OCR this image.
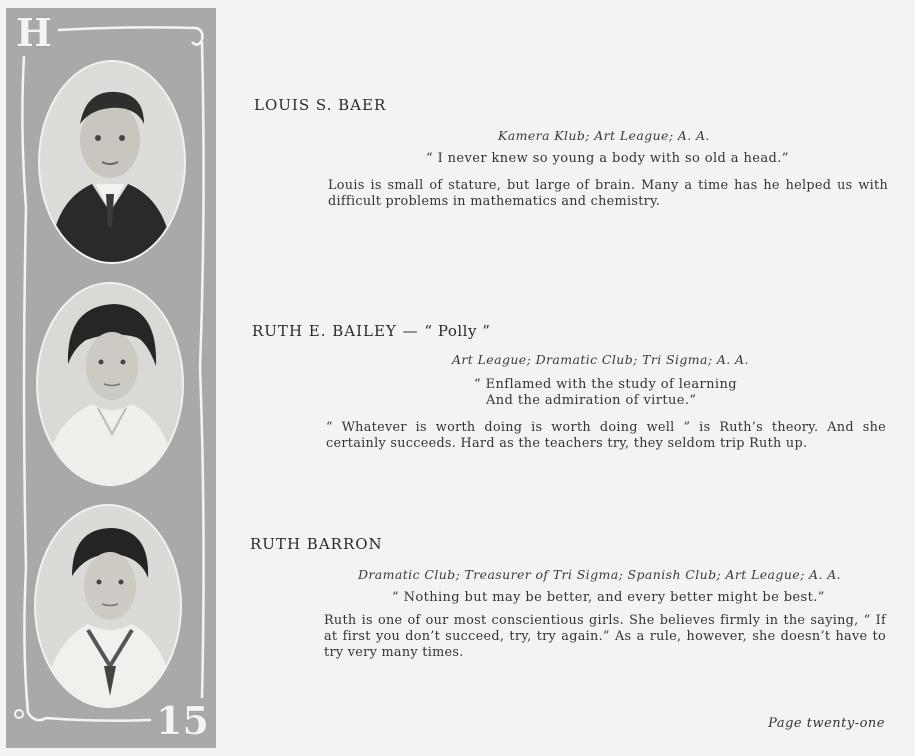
H
15
LOUIS S. BAER
Kamera Klub; Art League; A. A.
“ I never knew so young a body with so old a head.”
Louis is small of stature, but large of brain. Many a time has he helped us with difficult problems in mathematics and chemistry.
RUTH E. BAILEY — “ Polly ”
Art League; Dramatic Club; Tri Sigma; A. A.
“ Enflamed with the study of learning
And the admiration of virtue.”
“ Whatever is worth doing is worth doing well ” is Ruth’s theory. And she certainly succeeds. Hard as the teachers try, they seldom trip Ruth up.
RUTH BARRON
Dramatic Club; Treasurer of Tri Sigma; Spanish Club; Art League; A. A.
“ Nothing but may be better, and every better might be best.”
Ruth is one of our most conscientious girls. She believes firmly in the saying, “ If at first you don’t succeed, try, try again.” As a rule, however, she doesn’t have to try very many times.
Page twenty-one
